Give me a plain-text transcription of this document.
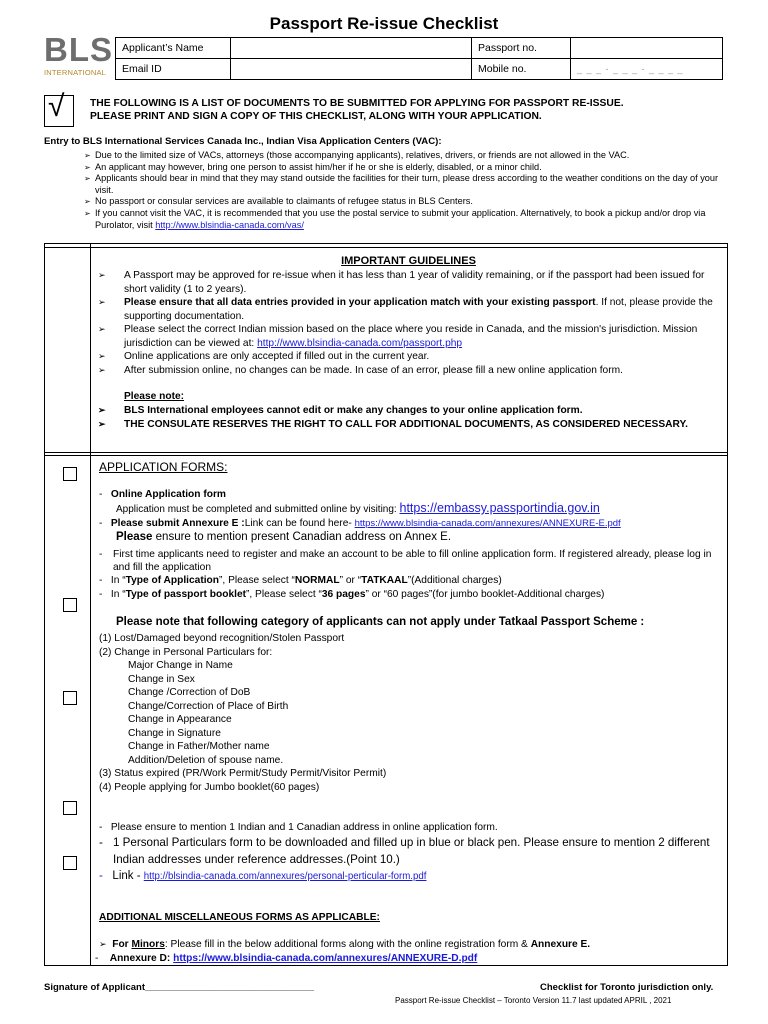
Passport Re-issue Checklist
BLS
INTERNATIONAL
Applicant’s Name		Passport no.	
Email ID		Mobile no.	_ _ _ - _ _ _ - _ _ _ _
√ THE FOLLOWING IS A LIST OF DOCUMENTS TO BE SUBMITTED FOR APPLYING FOR PASSPORT RE-ISSUE.
PLEASE PRINT AND SIGN A COPY OF THIS CHECKLIST, ALONG WITH YOUR APPLICATION.
Entry to BLS International Services Canada Inc., Indian Visa Application Centers (VAC):
➢ Due to the limited size of VACs, attorneys (those accompanying applicants), relatives, drivers, or friends are not allowed in the VAC.
➢ An applicant may however, bring one person to assist him/her if he or she is elderly, disabled, or a minor child.
➢ Applicants should bear in mind that they may stand outside the facilities for their turn, please dress according to the weather conditions on the day of your visit.
➢ No passport or consular services are available to claimants of refugee status in BLS Centers.
➢ If you cannot visit the VAC, it is recommended that you use the postal service to submit your application. Alternatively, to book a pickup and/or drop via Purolator, visit http://www.blsindia-canada.com/vas/
IMPORTANT GUIDELINES
➢ A Passport may be approved for re-issue when it has less than 1 year of validity remaining, or if the passport had been issued for short validity (1 to 2 years).
➢ Please ensure that all data entries provided in your application match with your existing passport. If not, please provide the supporting documentation.
➢ Please select the correct Indian mission based on the place where you reside in Canada, and the mission's jurisdiction. Mission jurisdiction can be viewed at: http://www.blsindia-canada.com/passport.php
➢ Online applications are only accepted if filled out in the current year.
➢ After submission online, no changes can be made. In case of an error, please fill a new online application form.
Please note:
➢ BLS International employees cannot edit or make any changes to your online application form.
➢ THE CONSULATE RESERVES THE RIGHT TO CALL FOR ADDITIONAL DOCUMENTS, AS CONSIDERED NECESSARY.
APPLICATION FORMS:
-   Online Application form
Application must be completed and submitted online by visiting: https://embassy.passportindia.gov.in
-   Please submit Annexure E :Link can be found here- https://www.blsindia-canada.com/annexures/ANNEXURE-E.pdf
Please ensure to mention present Canadian address on Annex E.
-	First time applicants need to register and make an account to be able to fill online application form. If registered already, please log in and fill the application
-   In “Type of Application”, Please select “NORMAL” or “TATKAAL”(Additional charges)
-   In “Type of passport booklet”, Please select “36 pages” or “60 pages”(for jumbo booklet-Additional charges)
Please note that following category of applicants can not apply under Tatkaal Passport Scheme :
(1) Lost/Damaged beyond recognition/Stolen Passport
(2) Change in Personal Particulars for:
Major Change in Name
Change in Sex
Change /Correction of DoB
Change/Correction of Place of Birth
Change in Appearance
Change in Signature
Change in Father/Mother name
Addition/Deletion of spouse name.
(3) Status expired (PR/Work Permit/Study Permit/Visitor Permit)
(4) People applying for Jumbo booklet(60 pages)
-   Please ensure to mention 1 Indian and 1 Canadian address in online application form.
- 1 Personal Particulars form to be downloaded and filled up in blue or black pen. Please ensure to mention 2 different Indian addresses under reference addresses.(Point 10.)
-   Link - http://blsindia-canada.com/annexures/personal-perticular-form.pdf
ADDITIONAL MISCELLANEOUS FORMS AS APPLICABLE:
➢ For Minors: Please fill in the below additional forms along with the online registration form & Annexure E.
-    Annexure D: https://www.blsindia-canada.com/annexures/ANNEXURE-D.pdf
Signature of Applicant________________________________	Checklist for Toronto jurisdiction only.
Passport Re-issue Checklist – Toronto Version 11.7 last updated APRIL , 2021
